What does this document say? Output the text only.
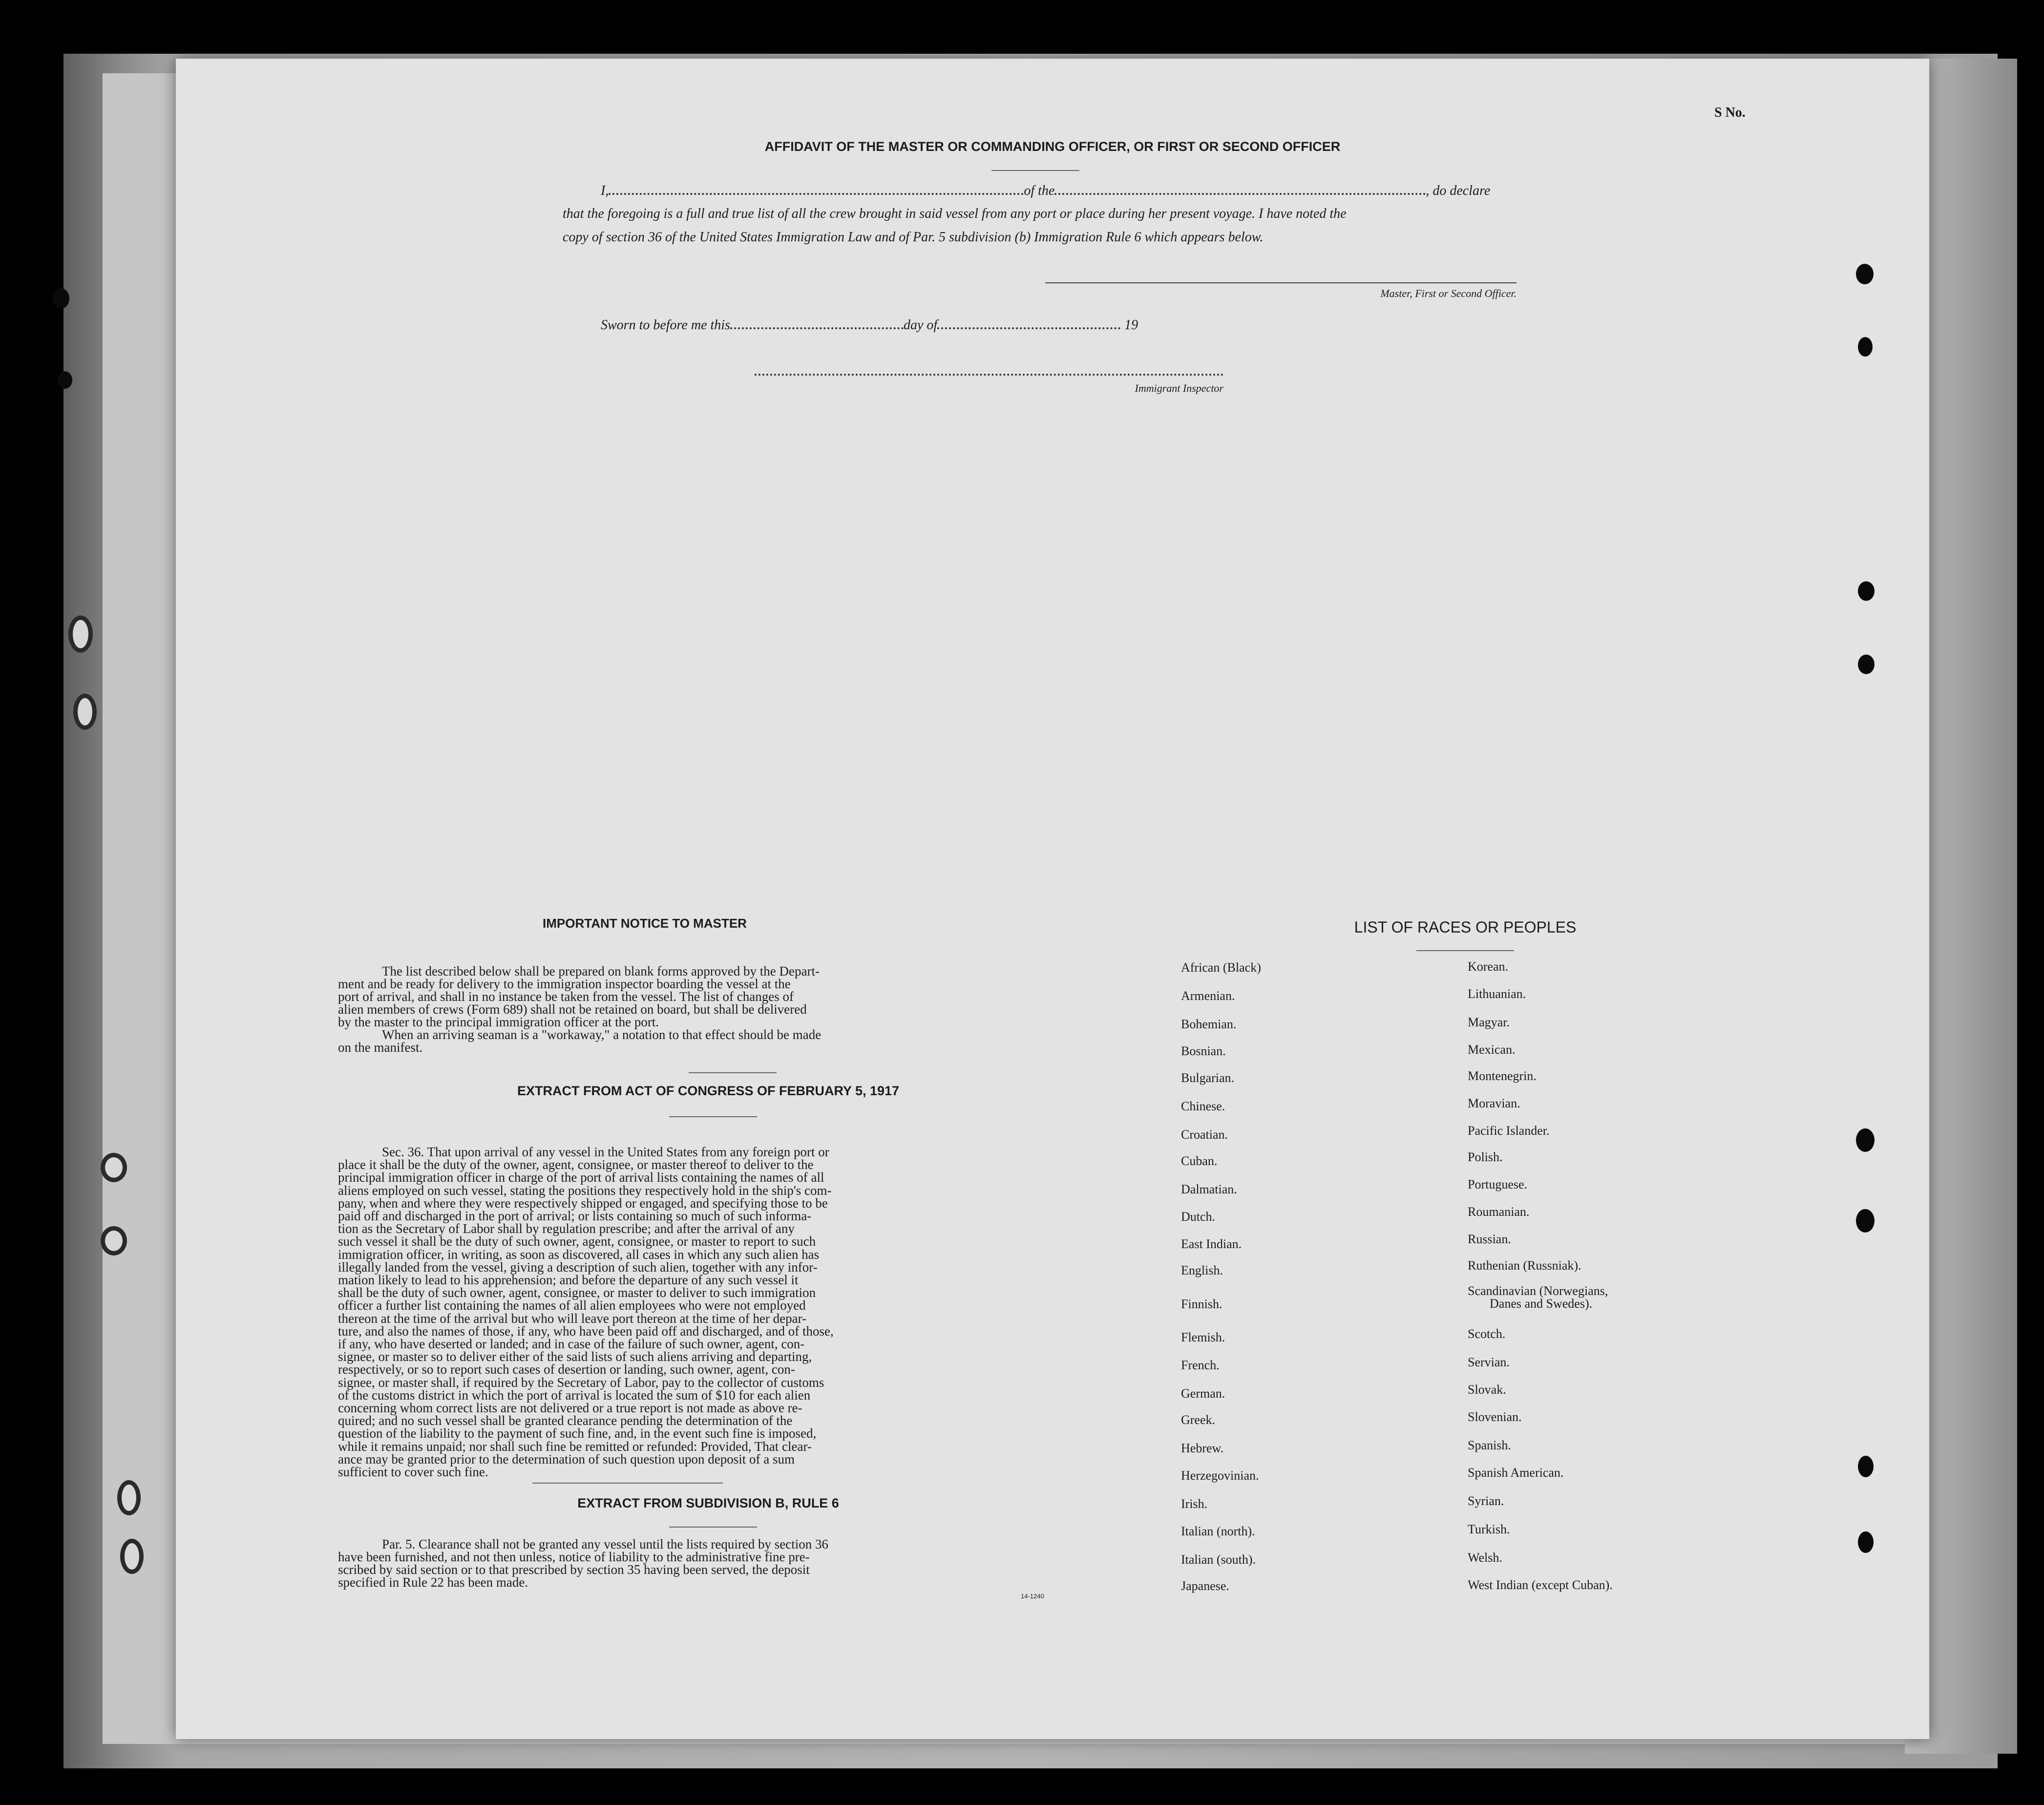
S No.
AFFIDAVIT OF THE MASTER OR COMMANDING OFFICER, OR FIRST OR SECOND OFFICER
I,	of the	, do declare
that the foregoing is a full and true list of all the crew brought in said vessel from any port or place during her present voyage. I have noted the
copy of section 36 of the United States Immigration Law and of Par. 5 subdivision (b) Immigration Rule 6 which appears below.
Master, First or Second Officer.
Sworn to before me this	day of	19
Immigrant Inspector
IMPORTANT NOTICE TO MASTER
The list described below shall be prepared on blank forms approved by the Depart-
ment and be ready for delivery to the immigration inspector boarding the vessel at the
port of arrival, and shall in no instance be taken from the vessel. The list of changes of
alien members of crews (Form 689) shall not be retained on board, but shall be delivered
by the master to the principal immigration officer at the port.
When an arriving seaman is a "workaway," a notation to that effect should be made
on the manifest.
EXTRACT FROM ACT OF CONGRESS OF FEBRUARY 5, 1917
Sec. 36. That upon arrival of any vessel in the United States from any foreign port or
place it shall be the duty of the owner, agent, consignee, or master thereof to deliver to the
principal immigration officer in charge of the port of arrival lists containing the names of all
aliens employed on such vessel, stating the positions they respectively hold in the ship's com-
pany, when and where they were respectively shipped or engaged, and specifying those to be
paid off and discharged in the port of arrival; or lists containing so much of such informa-
tion as the Secretary of Labor shall by regulation prescribe; and after the arrival of any
such vessel it shall be the duty of such owner, agent, consignee, or master to report to such
immigration officer, in writing, as soon as discovered, all cases in which any such alien has
illegally landed from the vessel, giving a description of such alien, together with any infor-
mation likely to lead to his apprehension; and before the departure of any such vessel it
shall be the duty of such owner, agent, consignee, or master to deliver to such immigration
officer a further list containing the names of all alien employees who were not employed
thereon at the time of the arrival but who will leave port thereon at the time of her depar-
ture, and also the names of those, if any, who have been paid off and discharged, and of those,
if any, who have deserted or landed; and in case of the failure of such owner, agent, con-
signee, or master so to deliver either of the said lists of such aliens arriving and departing,
respectively, or so to report such cases of desertion or landing, such owner, agent, con-
signee, or master shall, if required by the Secretary of Labor, pay to the collector of customs
of the customs district in which the port of arrival is located the sum of $10 for each alien
concerning whom correct lists are not delivered or a true report is not made as above re-
quired; and no such vessel shall be granted clearance pending the determination of the
question of the liability to the payment of such fine, and, in the event such fine is imposed,
while it remains unpaid; nor shall such fine be remitted or refunded: Provided, That clear-
ance may be granted prior to the determination of such question upon deposit of a sum
sufficient to cover such fine.
EXTRACT FROM SUBDIVISION B, RULE 6
Par. 5. Clearance shall not be granted any vessel until the lists required by section 36
have been furnished, and not then unless, notice of liability to the administrative fine pre-
scribed by said section or to that prescribed by section 35 having been served, the deposit
specified in Rule 22 has been made.
14-1240
LIST OF RACES OR PEOPLES
African (Black)
Armenian.
Bohemian.
Bosnian.
Bulgarian.
Chinese.
Croatian.
Cuban.
Dalmatian.
Dutch.
East Indian.
English.
Finnish.
Flemish.
French.
German.
Greek.
Hebrew.
Herzegovinian.
Irish.
Italian (north).
Italian (south).
Japanese.
Korean.
Lithuanian.
Magyar.
Mexican.
Montenegrin.
Moravian.
Pacific Islander.
Polish.
Portuguese.
Roumanian.
Russian.
Ruthenian (Russniak).
Scandinavian (Norwegians,
Danes and Swedes).
Scotch.
Servian.
Slovak.
Slovenian.
Spanish.
Spanish American.
Syrian.
Turkish.
Welsh.
West Indian (except Cuban).
